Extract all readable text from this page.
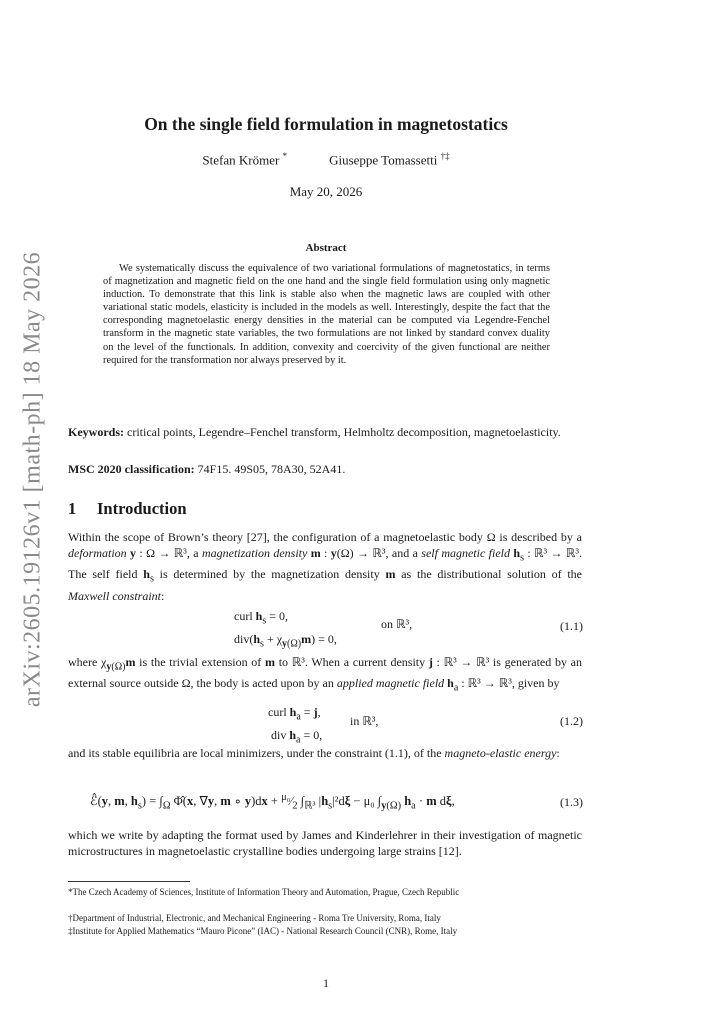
arXiv:2605.19126v1 [math-ph] 18 May 2026
On the single field formulation in magnetostatics
Stefan Krömer *	Giuseppe Tomassetti †‡
May 20, 2026
Abstract
We systematically discuss the equivalence of two variational formulations of magnetostatics, in terms of magnetization and magnetic field on the one hand and the single field formulation using only magnetic induction. To demonstrate that this link is stable also when the magnetic laws are coupled with other variational static models, elasticity is included in the models as well. Interestingly, despite the fact that the corresponding magnetoelastic energy densities in the material can be computed via Legendre-Fenchel transform in the magnetic state variables, the two formulations are not linked by standard convex duality on the level of the functionals. In addition, convexity and coercivity of the given functional are neither required for the transformation nor always preserved by it.
Keywords: critical points, Legendre–Fenchel transform, Helmholtz decomposition, magnetoelasticity.
MSC 2020 classification: 74F15. 49S05, 78A30, 52A41.
1 Introduction
Within the scope of Brown’s theory [27], the configuration of a magnetoelastic body Ω is described by a deformation y : Ω → ℝ³, a magnetization density m : y(Ω) → ℝ³, and a self magnetic field $h_s$ : ℝ³ → ℝ³. The self field $h_s$ is determined by the magnetization density m as the distributional solution of the Maxwell constraint:
curl $h_s = 0$,
$div(h_s + \chi_{y(\Omega)}m) = 0$,
on ℝ³,	(1.1)
where $\chi_{y(\Omega)}m$ is the trivial extension of m to ℝ³. When a current density j : ℝ³ → ℝ³ is generated by an external source outside Ω, the body is acted upon by an applied magnetic field $h_a$ : ℝ³ → ℝ³, given by
curl $h_a = j$,
div $h_a = 0$,
in ℝ³,	(1.2)
and its stable equilibria are local minimizers, under the constraint (1.1), of the magneto-elastic energy:
ℰ̂(y, m, $h_s) = \int_\Omega$ Φ̂(x, ∇y, m ∘ $y)dx + ^{\mu_0}⁄_2$ $\int_{ℝ^3}$ $|h_s|^2d\xi - \mu_0$ $\int_{y(\Omega)}$ $h_a \cdot m$ dξ,	(1.3)
which we write by adapting the format used by James and Kinderlehrer in their investigation of magnetic microstructures in magnetoelastic crystalline bodies undergoing large strains [12].
*The Czech Academy of Sciences, Institute of Information Theory and Automation, Prague, Czech Republic
†Department of Industrial, Electronic, and Mechanical Engineering - Roma Tre University, Roma, Italy
‡Institute for Applied Mathematics “Mauro Picone” (IAC) - National Research Council (CNR), Rome, Italy
1
